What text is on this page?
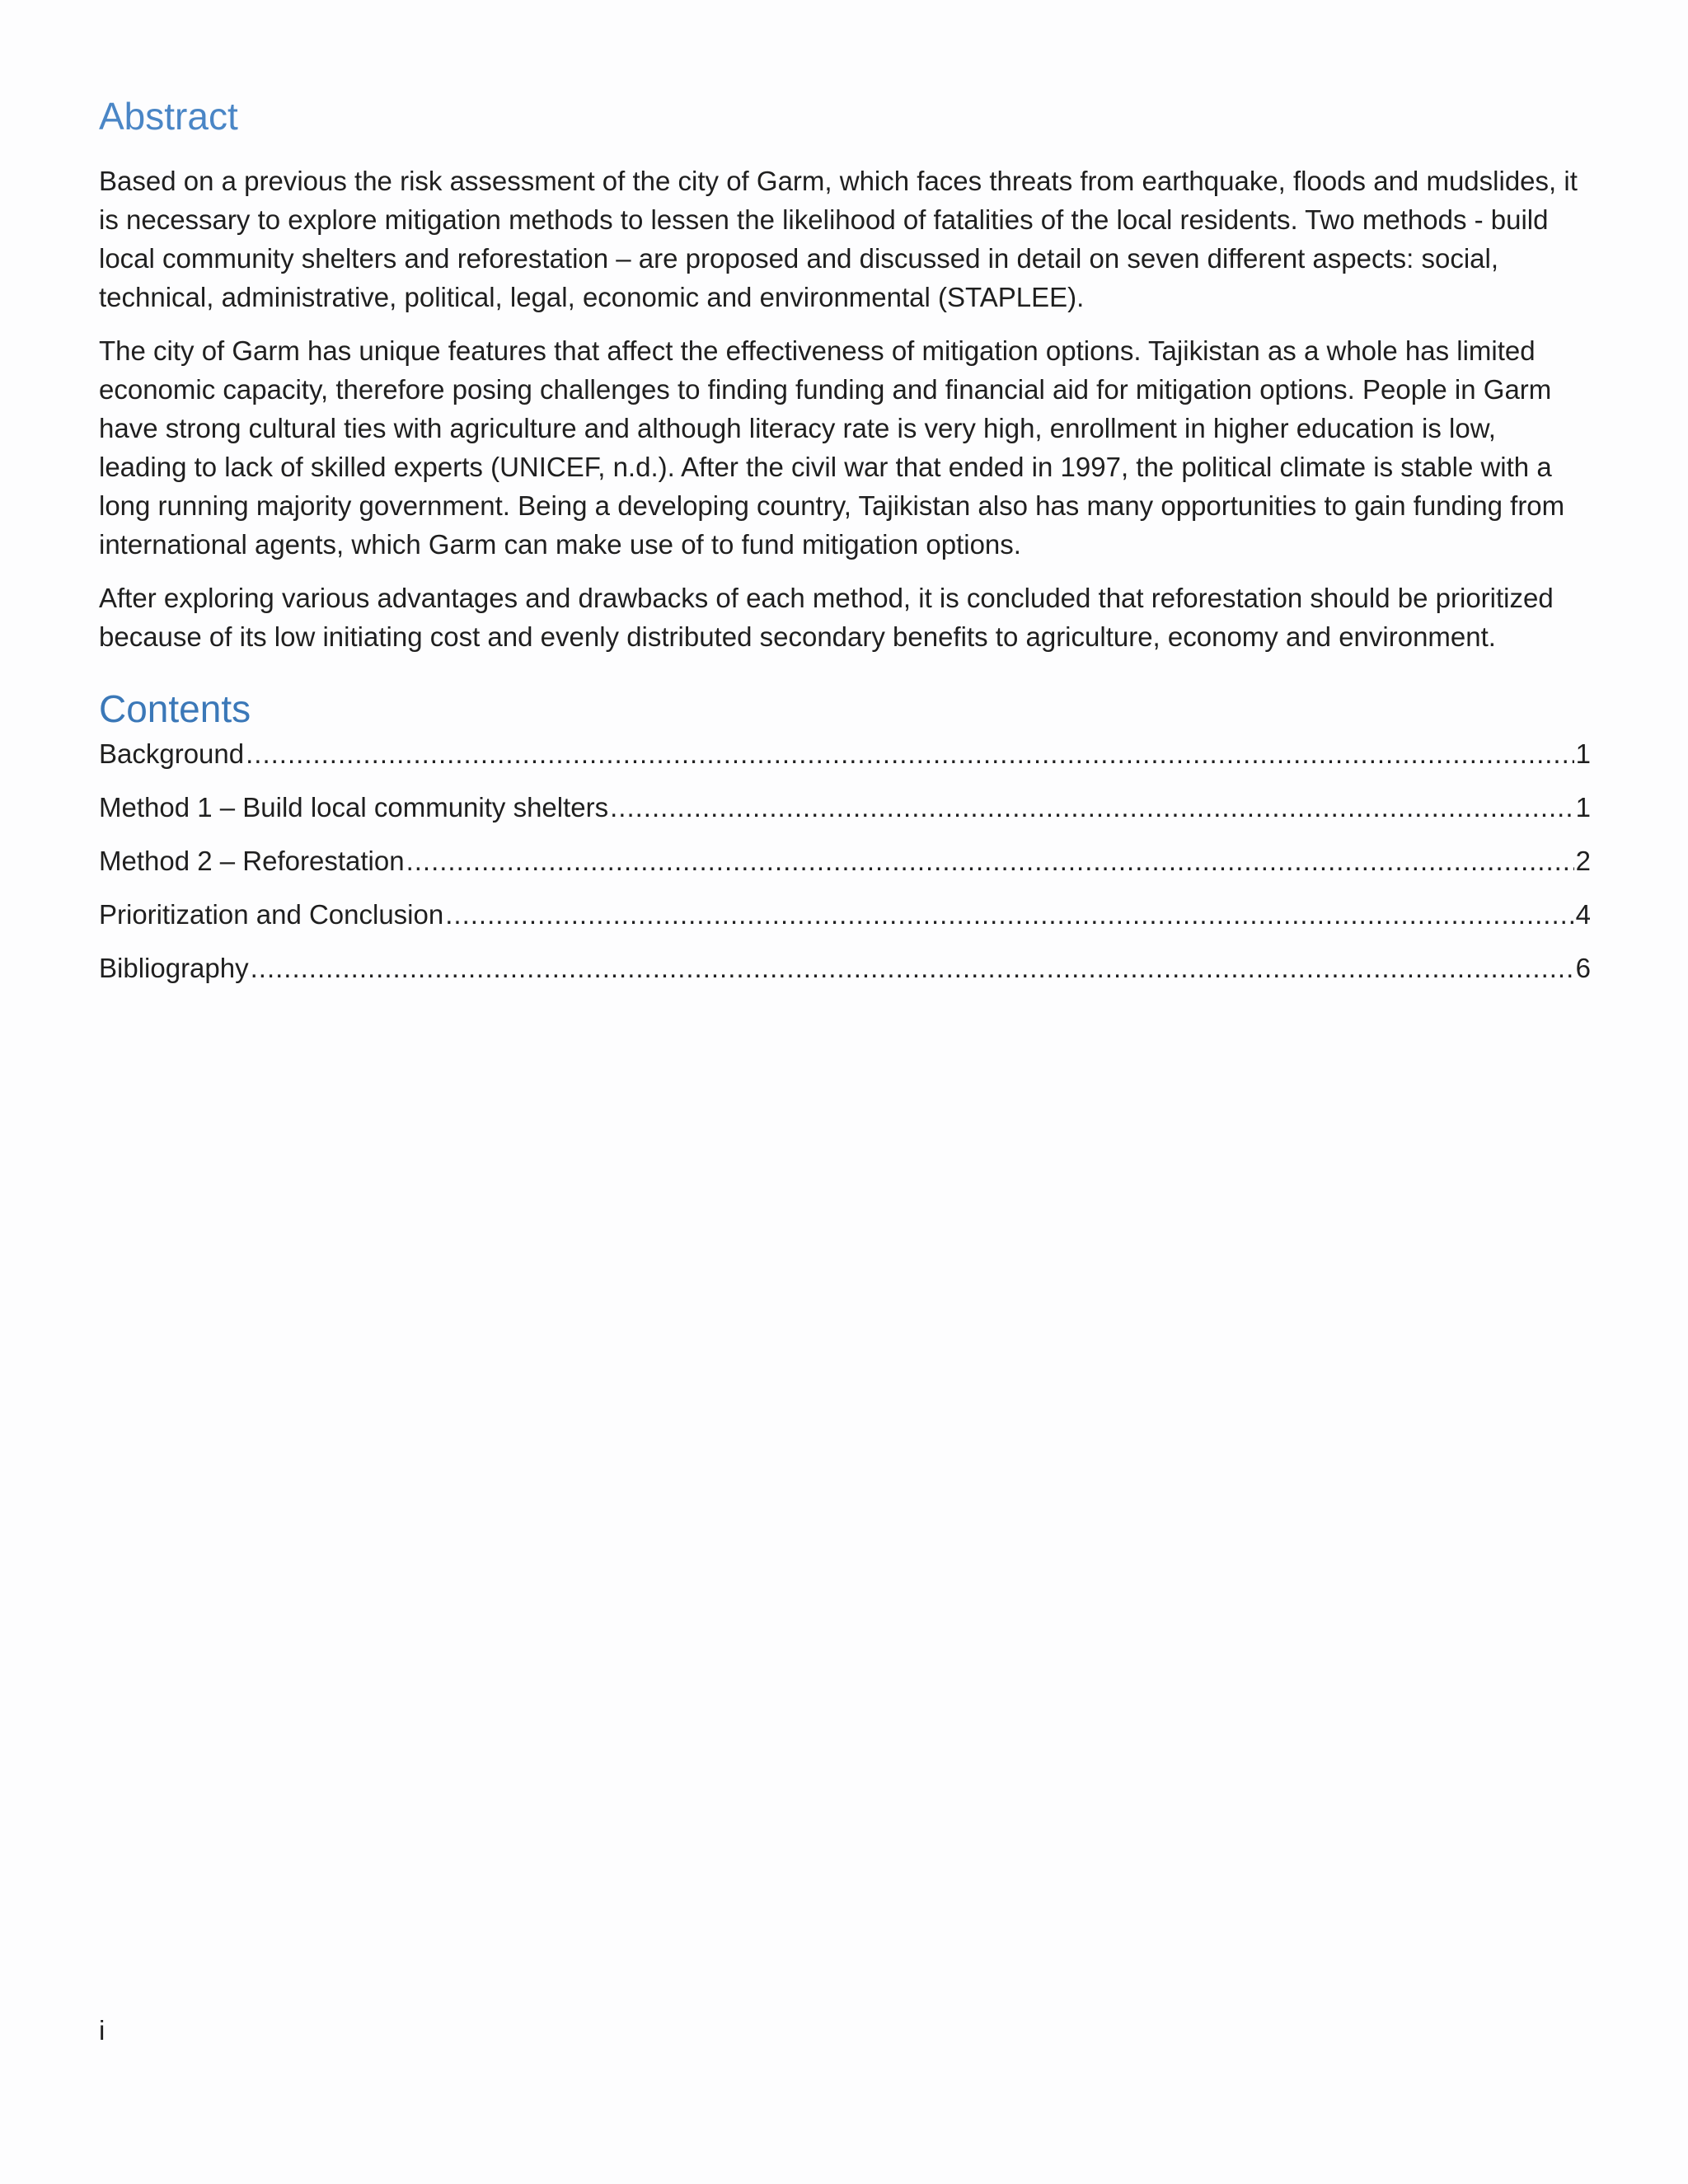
Abstract

Based on a previous the risk assessment of the city of Garm, which faces threats from earthquake, floods and mudslides, it is necessary to explore mitigation methods to lessen the likelihood of fatalities of the local residents. Two methods - build local community shelters and reforestation – are proposed and discussed in detail on seven different aspects: social, technical, administrative, political, legal, economic and environmental (STAPLEE).

The city of Garm has unique features that affect the effectiveness of mitigation options. Tajikistan as a whole has limited economic capacity, therefore posing challenges to finding funding and financial aid for mitigation options. People in Garm have strong cultural ties with agriculture and although literacy rate is very high, enrollment in higher education is low, leading to lack of skilled experts (UNICEF, n.d.). After the civil war that ended in 1997, the political climate is stable with a long running majority government. Being a developing country, Tajikistan also has many opportunities to gain funding from international agents, which Garm can make use of to fund mitigation options.

After exploring various advantages and drawbacks of each method, it is concluded that reforestation should be prioritized because of its low initiating cost and evenly distributed secondary benefits to agriculture, economy and environment.

Contents
Background .....	1
Method 1 – Build local community shelters .....	1
Method 2 – Reforestation .....	2
Prioritization and Conclusion .....	4
Bibliography .....	6
i
